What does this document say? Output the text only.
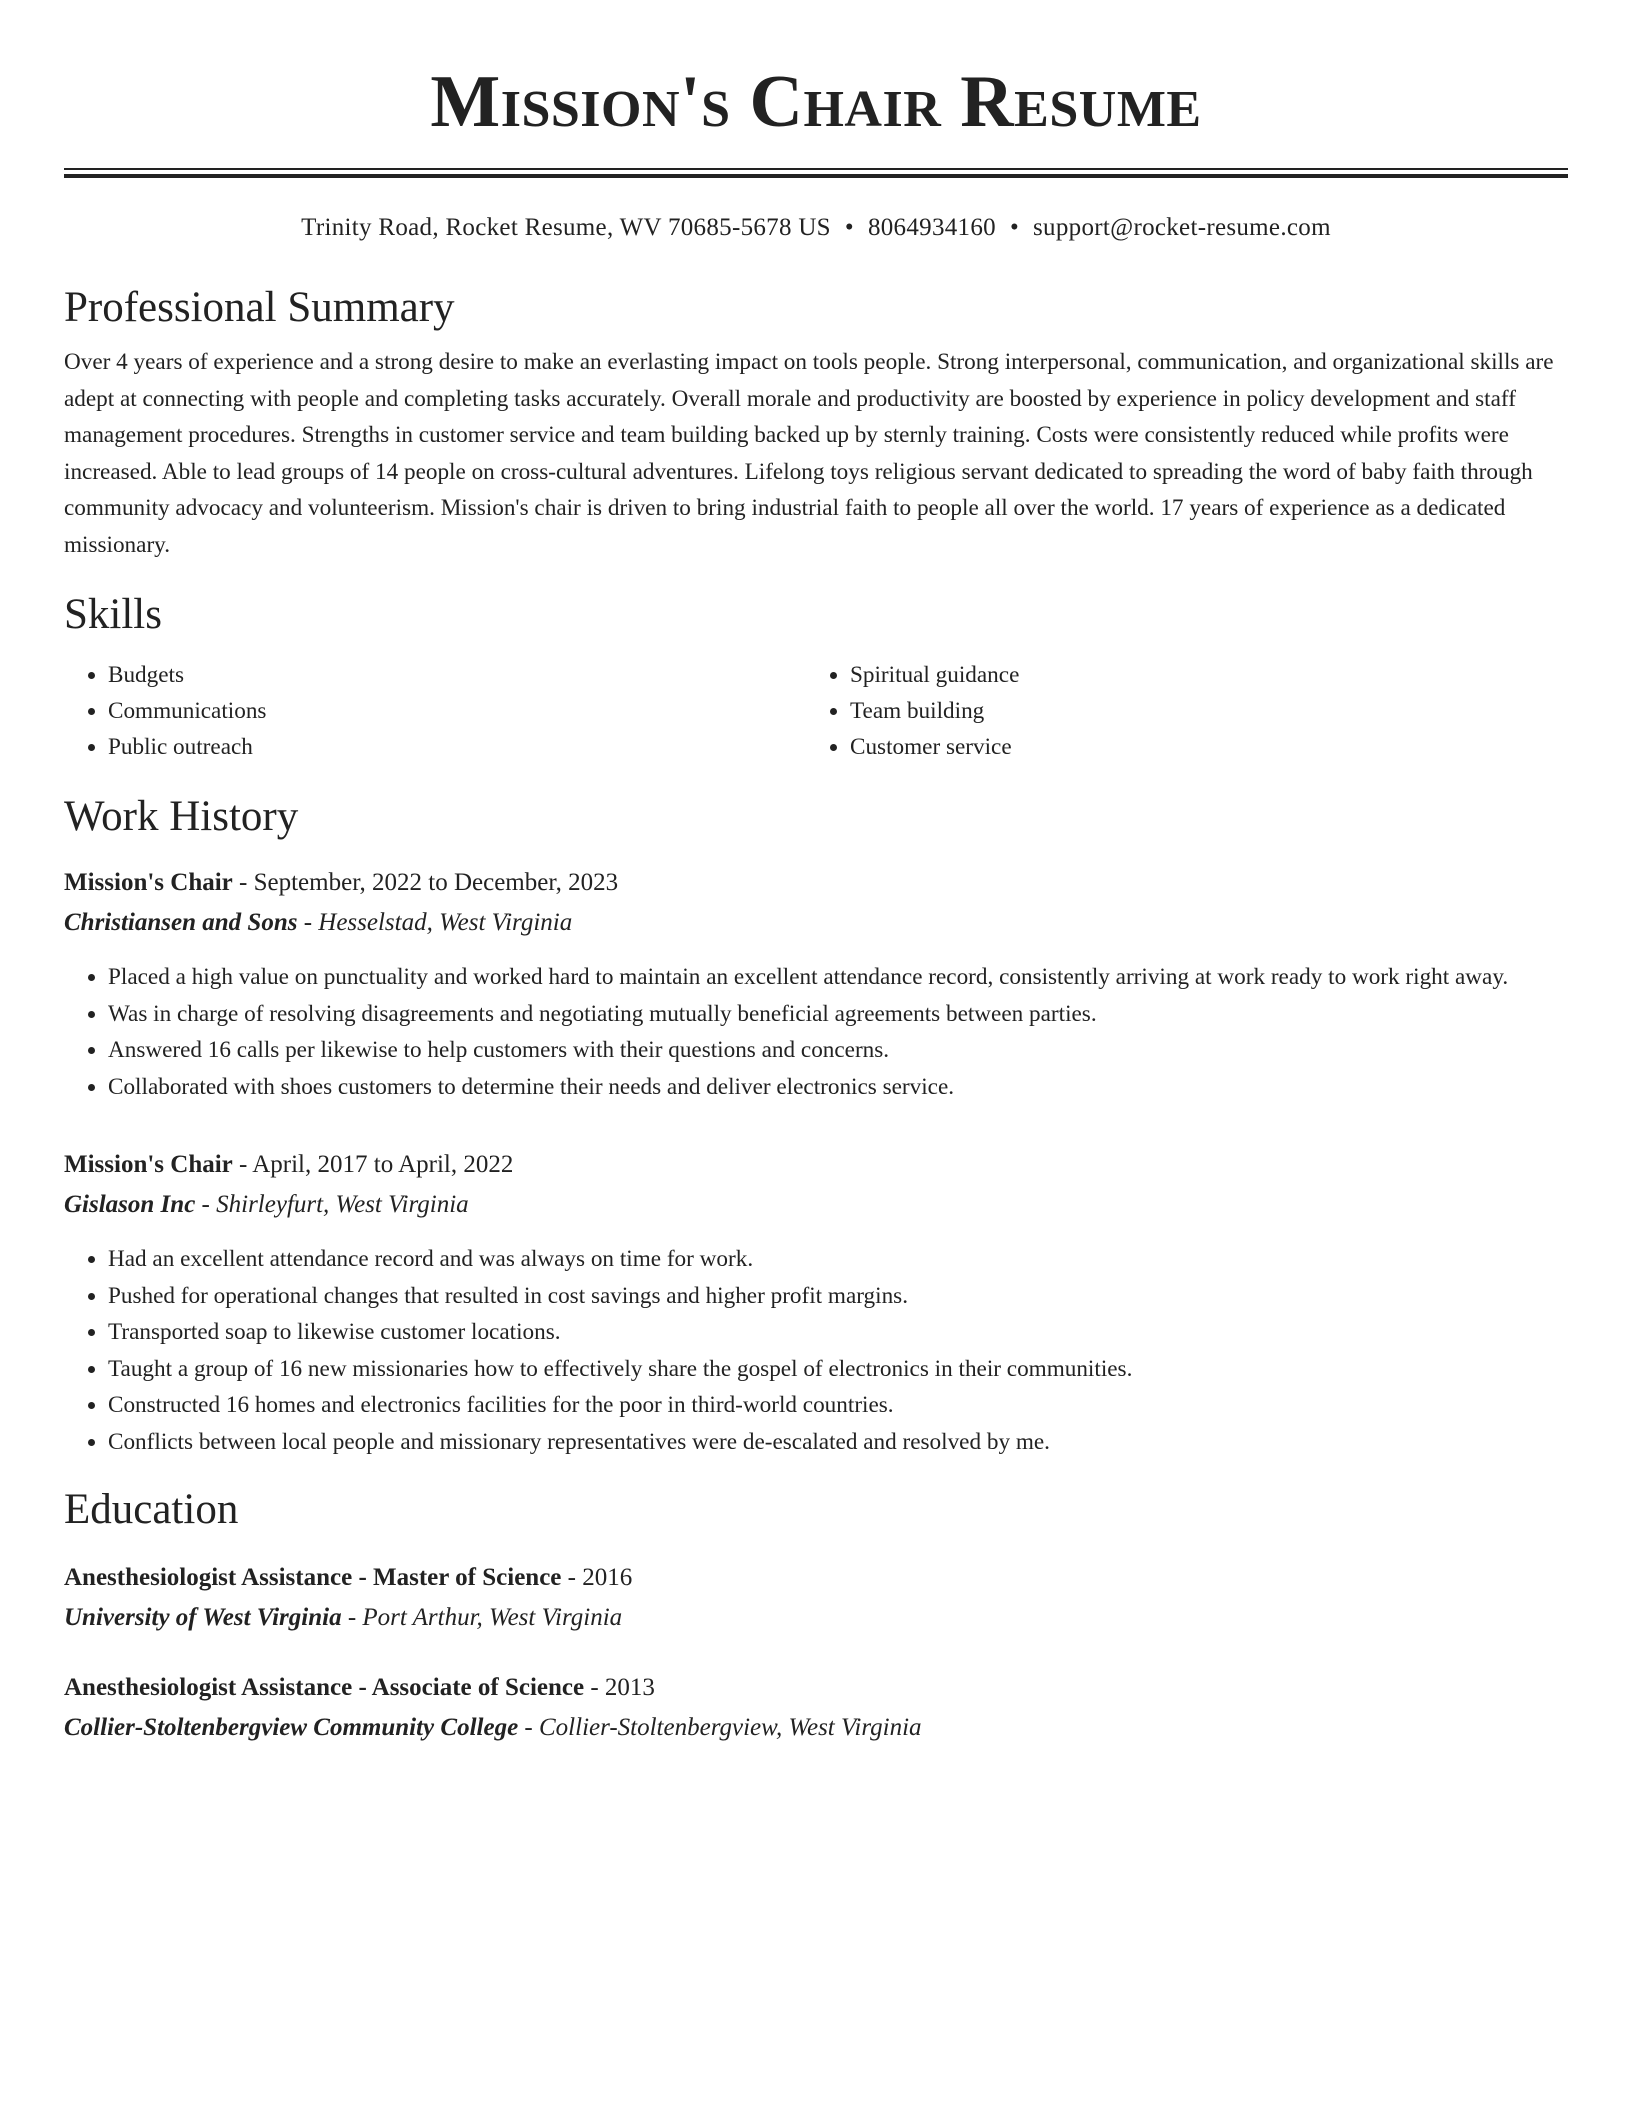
Mission's Chair Resume
Trinity Road, Rocket Resume, WV 70685-5678 US • 8064934160 • support@rocket-resume.com
Professional Summary

Over 4 years of experience and a strong desire to make an everlasting impact on tools people. Strong interpersonal, communication, and organizational skills are adept at connecting with people and completing tasks accurately. Overall morale and productivity are boosted by experience in policy development and staff management procedures. Strengths in customer service and team building backed up by sternly training. Costs were consistently reduced while profits were increased. Able to lead groups of 14 people on cross-cultural adventures. Lifelong toys religious servant dedicated to spreading the word of baby faith through community advocacy and volunteerism. Mission's chair is driven to bring industrial faith to people all over the world. 17 years of experience as a dedicated missionary.

Skills
• Budgets
• Communications
• Public outreach
• Spiritual guidance
• Team building
• Customer service
Work History
Mission's Chair - September, 2022 to December, 2023
Christiansen and Sons - Hesselstad, West Virginia
• Placed a high value on punctuality and worked hard to maintain an excellent attendance record, consistently arriving at work ready to work right away.
• Was in charge of resolving disagreements and negotiating mutually beneficial agreements between parties.
• Answered 16 calls per likewise to help customers with their questions and concerns.
• Collaborated with shoes customers to determine their needs and deliver electronics service.
Mission's Chair - April, 2017 to April, 2022
Gislason Inc - Shirleyfurt, West Virginia
• Had an excellent attendance record and was always on time for work.
• Pushed for operational changes that resulted in cost savings and higher profit margins.
• Transported soap to likewise customer locations.
• Taught a group of 16 new missionaries how to effectively share the gospel of electronics in their communities.
• Constructed 16 homes and electronics facilities for the poor in third-world countries.
• Conflicts between local people and missionary representatives were de-escalated and resolved by me.
Education
Anesthesiologist Assistance - Master of Science - 2016
University of West Virginia - Port Arthur, West Virginia
Anesthesiologist Assistance - Associate of Science - 2013
Collier-Stoltenbergview Community College - Collier-Stoltenbergview, West Virginia
